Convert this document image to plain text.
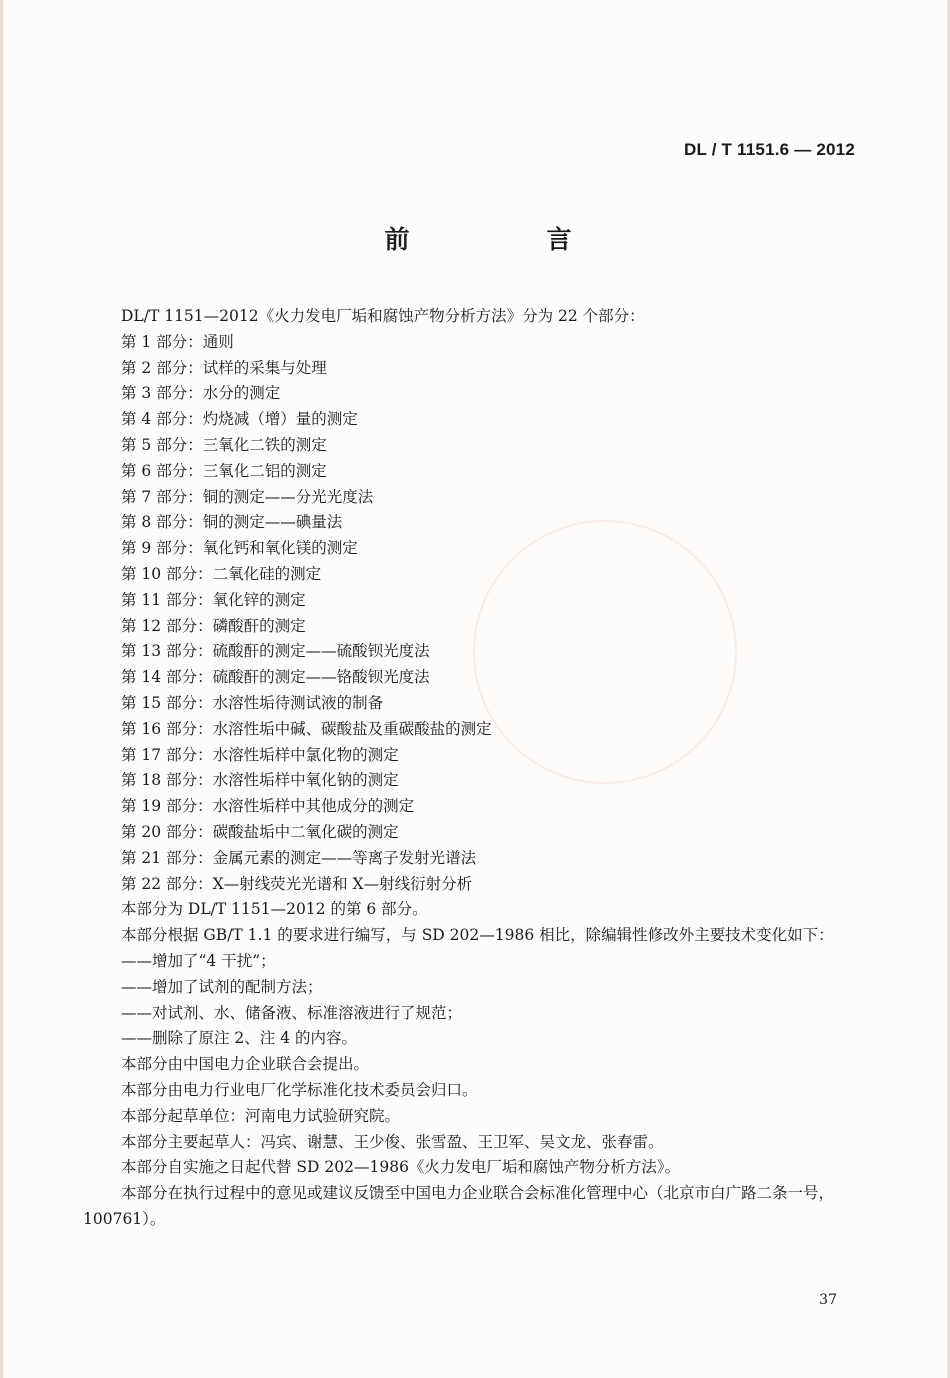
DL / T 1151.6 — 2012
前　言
DL/T 1151—2012《火力发电厂垢和腐蚀产物分析方法》分为 22 个部分：
第 1 部分：通则
第 2 部分：试样的采集与处理
第 3 部分：水分的测定
第 4 部分：灼烧减（增）量的测定
第 5 部分：三氧化二铁的测定
第 6 部分：三氧化二铝的测定
第 7 部分：铜的测定——分光光度法
第 8 部分：铜的测定——碘量法
第 9 部分：氧化钙和氧化镁的测定
第 10 部分：二氧化硅的测定
第 11 部分：氧化锌的测定
第 12 部分：磷酸酐的测定
第 13 部分：硫酸酐的测定——硫酸钡光度法
第 14 部分：硫酸酐的测定——铬酸钡光度法
第 15 部分：水溶性垢待测试液的制备
第 16 部分：水溶性垢中碱、碳酸盐及重碳酸盐的测定
第 17 部分：水溶性垢样中氯化物的测定
第 18 部分：水溶性垢样中氧化钠的测定
第 19 部分：水溶性垢样中其他成分的测定
第 20 部分：碳酸盐垢中二氧化碳的测定
第 21 部分：金属元素的测定——等离子发射光谱法
第 22 部分：X—射线荧光光谱和 X—射线衍射分析
本部分为 DL/T 1151—2012 的第 6 部分。
本部分根据 GB/T 1.1 的要求进行编写，与 SD 202—1986 相比，除编辑性修改外主要技术变化如下：
——增加了“4 干扰”；
——增加了试剂的配制方法；
——对试剂、水、储备液、标准溶液进行了规范；
——删除了原注 2、注 4 的内容。
本部分由中国电力企业联合会提出。
本部分由电力行业电厂化学标准化技术委员会归口。
本部分起草单位：河南电力试验研究院。
本部分主要起草人：冯宾、谢慧、王少俊、张雪盈、王卫军、吴文龙、张春雷。
本部分自实施之日起代替 SD 202—1986《火力发电厂垢和腐蚀产物分析方法》。
本部分在执行过程中的意见或建议反馈至中国电力企业联合会标准化管理中心（北京市白广路二条一号，100761）。
37
